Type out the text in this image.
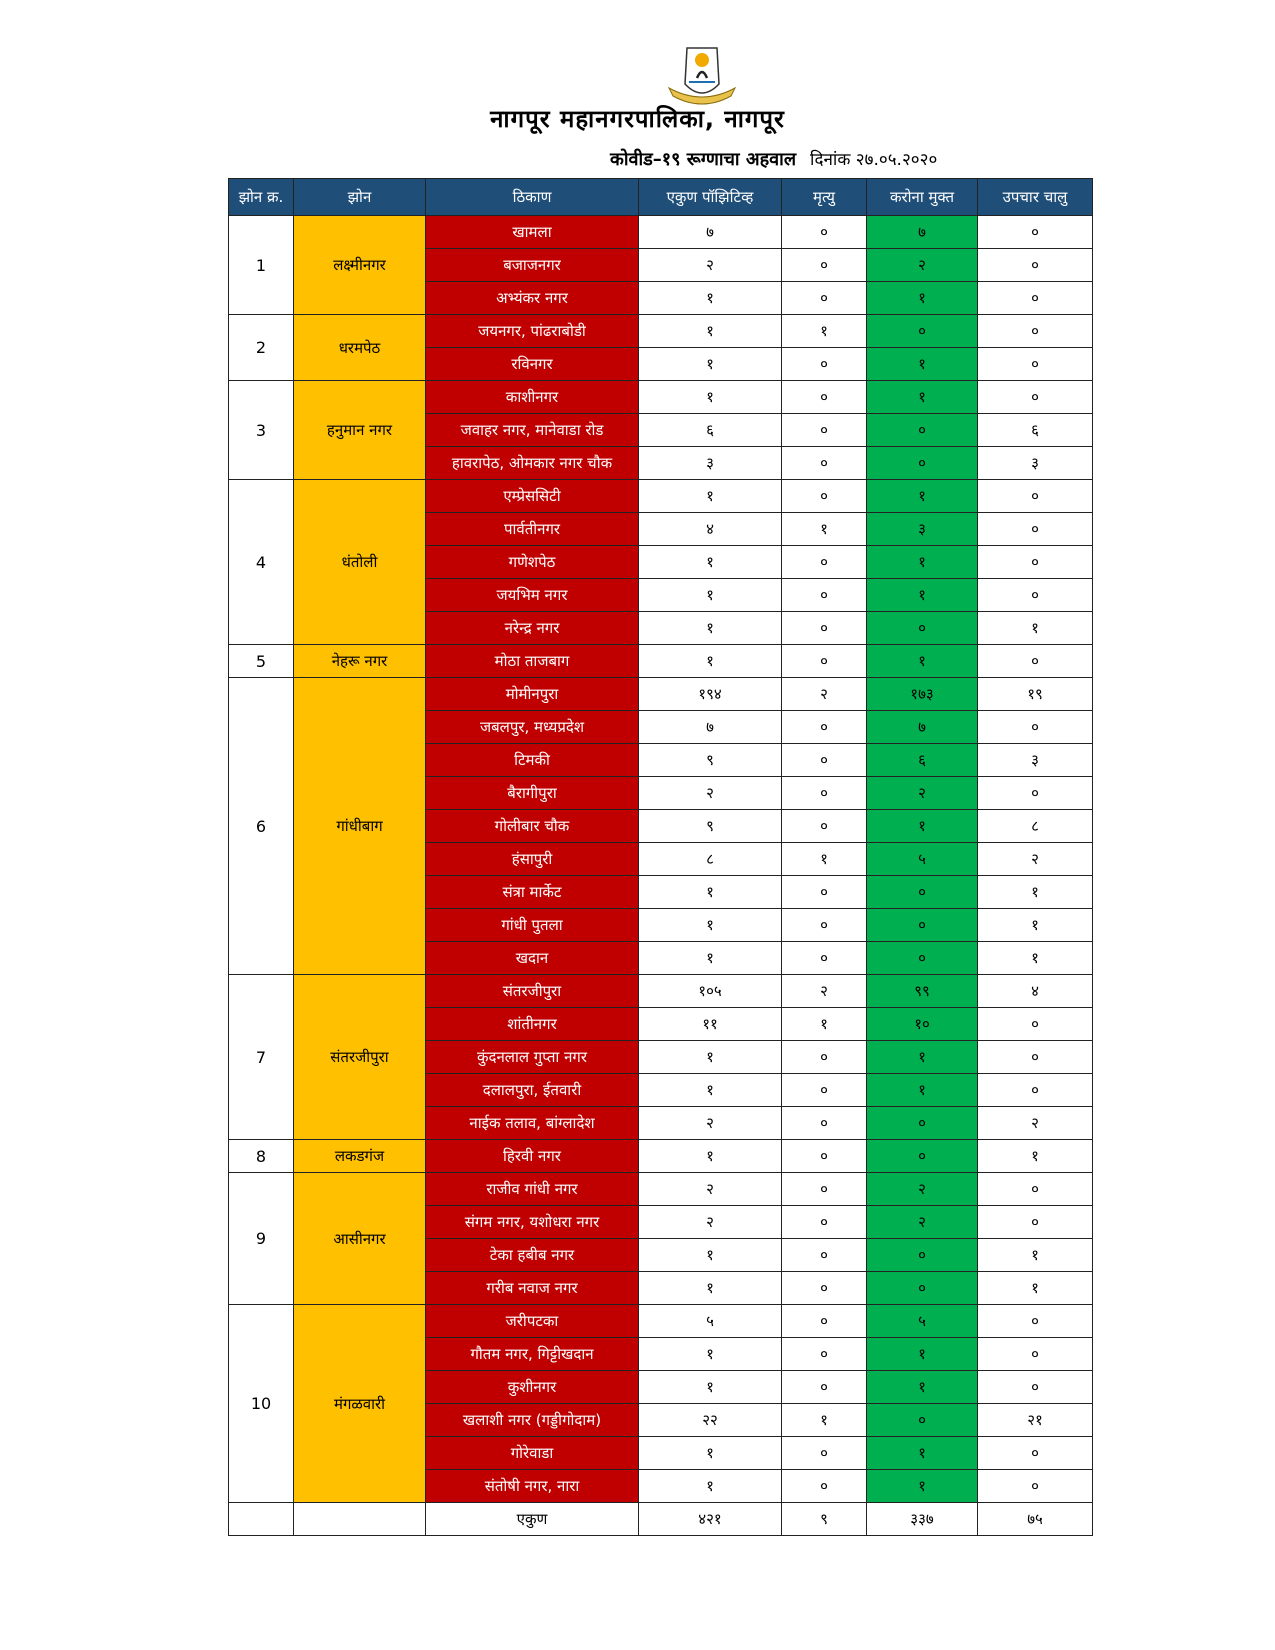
नागपूर महानगरपालिका, नागपूर
कोवीड–१९ रूग्णाचा अहवाल दिनांक २७.०५.२०२०
झोन क्र.	झोन	ठिकाण	एकुण पॉझिटिव्ह	मृत्यु	करोना मुक्त	उपचार चालु
1	लक्ष्मीनगर	खामला	७	०	७	०
		बजाजनगर	२	०	२	०
		अभ्यंकर नगर	१	०	१	०
2	धरमपेठ	जयनगर, पांढराबोडी	१	१	०	०
		रविनगर	१	०	१	०
3	हनुमान नगर	काशीनगर	१	०	१	०
		जवाहर नगर, मानेवाडा रोड	६	०	०	६
		हावरापेठ, ओमकार नगर चौक	३	०	०	३
4	धंतोली	एम्प्रेससिटी	१	०	१	०
		पार्वतीनगर	४	१	३	०
		गणेशपेठ	१	०	१	०
		जयभिम नगर	१	०	१	०
		नरेन्द्र नगर	१	०	०	१
5	नेहरू नगर	मोठा ताजबाग	१	०	१	०
6	गांधीबाग	मोमीनपुरा	१९४	२	१७३	१९
		जबलपुर, मध्यप्रदेश	७	०	७	०
		टिमकी	९	०	६	३
		बैरागीपुरा	२	०	२	०
		गोलीबार चौक	९	०	१	८
		हंसापुरी	८	१	५	२
		संत्रा मार्केट	१	०	०	१
		गांधी पुतला	१	०	०	१
		खदान	१	०	०	१
7	संतरजीपुरा	संतरजीपुरा	१०५	२	९९	४
		शांतीनगर	११	१	१०	०
		कुंदनलाल गुप्ता नगर	१	०	१	०
		दलालपुरा, ईतवारी	१	०	१	०
		नाईक तलाव, बांग्लादेश	२	०	०	२
8	लकडगंज	हिरवी नगर	१	०	०	१
9	आसीनगर	राजीव गांधी नगर	२	०	२	०
		संगम नगर, यशोधरा नगर	२	०	२	०
		टेका हबीब नगर	१	०	०	१
		गरीब नवाज नगर	१	०	०	१
10	मंगळवारी	जरीपटका	५	०	५	०
		गौतम नगर, गिट्टीखदान	१	०	१	०
		कुशीनगर	१	०	१	०
		खलाशी नगर (गड्डीगोदाम)	२२	१	०	२१
		गोरेवाडा	१	०	१	०
		संतोषी नगर, नारा	१	०	१	०
		एकुण	४२१	९	३३७	७५
